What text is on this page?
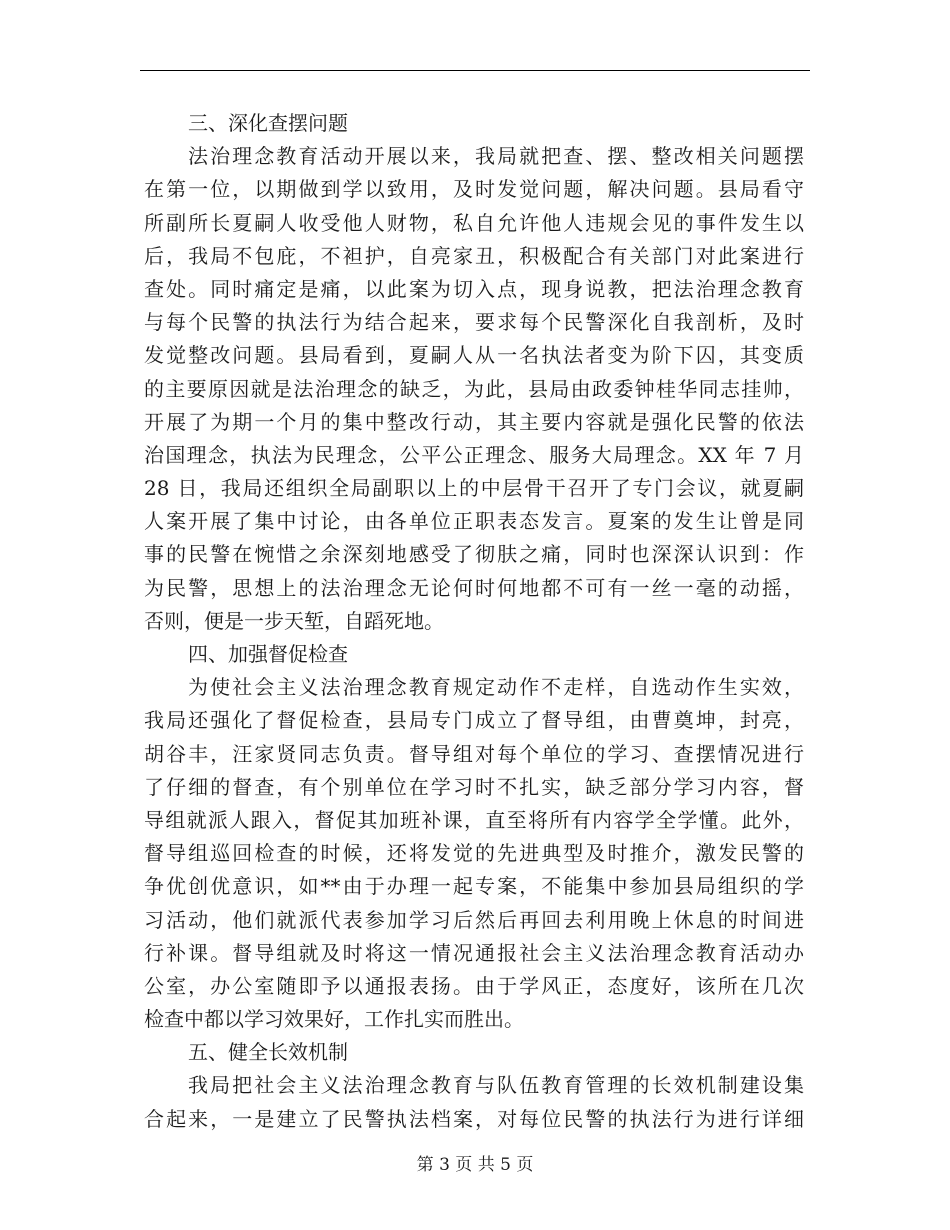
三、深化查摆问题
法治理念教育活动开展以来，我局就把查、摆、整改相关问题摆
在第一位，以期做到学以致用，及时发觉问题，解决问题。县局看守
所副所长夏嗣人收受他人财物，私自允许他人违规会见的事件发生以
后，我局不包庇，不袒护，自亮家丑，积极配合有关部门对此案进行
查处。同时痛定是痛，以此案为切入点，现身说教，把法治理念教育
与每个民警的执法行为结合起来，要求每个民警深化自我剖析，及时
发觉整改问题。县局看到，夏嗣人从一名执法者变为阶下囚，其变质
的主要原因就是法治理念的缺乏，为此，县局由政委钟桂华同志挂帅，
开展了为期一个月的集中整改行动，其主要内容就是强化民警的依法
治国理念，执法为民理念，公平公正理念、服务大局理念。XX 年 7 月
28 日，我局还组织全局副职以上的中层骨干召开了专门会议，就夏嗣
人案开展了集中讨论，由各单位正职表态发言。夏案的发生让曾是同
事的民警在惋惜之余深刻地感受了彻肤之痛，同时也深深认识到：作
为民警，思想上的法治理念无论何时何地都不可有一丝一毫的动摇，
否则，便是一步天堑，自蹈死地。
四、加强督促检查
为使社会主义法治理念教育规定动作不走样，自选动作生实效，
我局还强化了督促检查，县局专门成立了督导组，由曹奠坤，封亮，
胡谷丰，汪家贤同志负责。督导组对每个单位的学习、查摆情况进行
了仔细的督查，有个别单位在学习时不扎实，缺乏部分学习内容，督
导组就派人跟入，督促其加班补课，直至将所有内容学全学懂。此外，
督导组巡回检查的时候，还将发觉的先进典型及时推介，激发民警的
争优创优意识，如**由于办理一起专案，不能集中参加县局组织的学
习活动，他们就派代表参加学习后然后再回去利用晚上休息的时间进
行补课。督导组就及时将这一情况通报社会主义法治理念教育活动办
公室，办公室随即予以通报表扬。由于学风正，态度好，该所在几次
检查中都以学习效果好，工作扎实而胜出。
五、健全长效机制
我局把社会主义法治理念教育与队伍教育管理的长效机制建设集
合起来，一是建立了民警执法档案，对每位民警的执法行为进行详细
第 3 页 共 5 页
